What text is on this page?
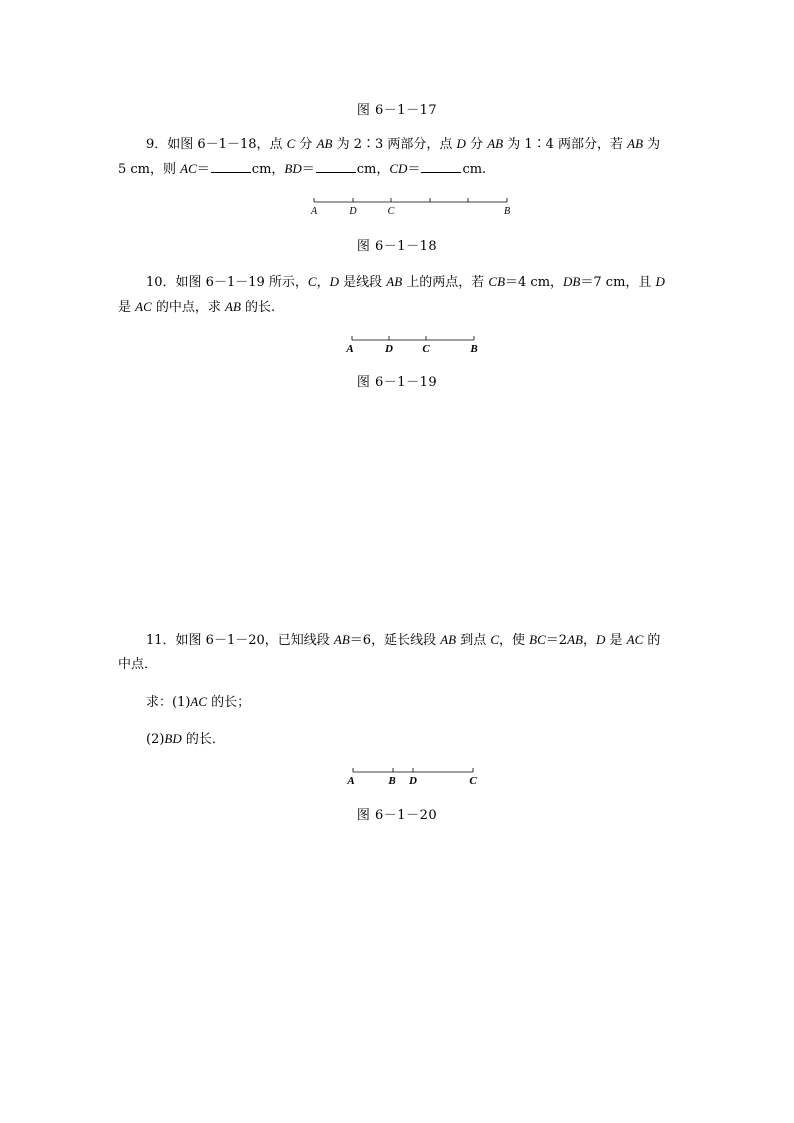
图 6－1－17
9．如图 6－1－18，点 C 分 AB 为 2∶3 两部分，点 D 分 AB 为 1∶4 两部分，若 AB 为
5 cm，则 AC＝	cm，BD＝	cm，CD＝	cm.
A	D	C	B
图 6－1－18
10．如图 6－1－19 所示，C，D 是线段 AB 上的两点，若 CB＝4 cm，DB＝7 cm，且 D
是 AC 的中点，求 AB 的长.
A	D	C	B
图 6－1－19
11．如图 6－1－20，已知线段 AB＝6，延长线段 AB 到点 C，使 BC＝2AB，D 是 AC 的
中点．
求：(1)AC 的长；
(2)BD 的长．
A	B D	C
图 6－1－20
